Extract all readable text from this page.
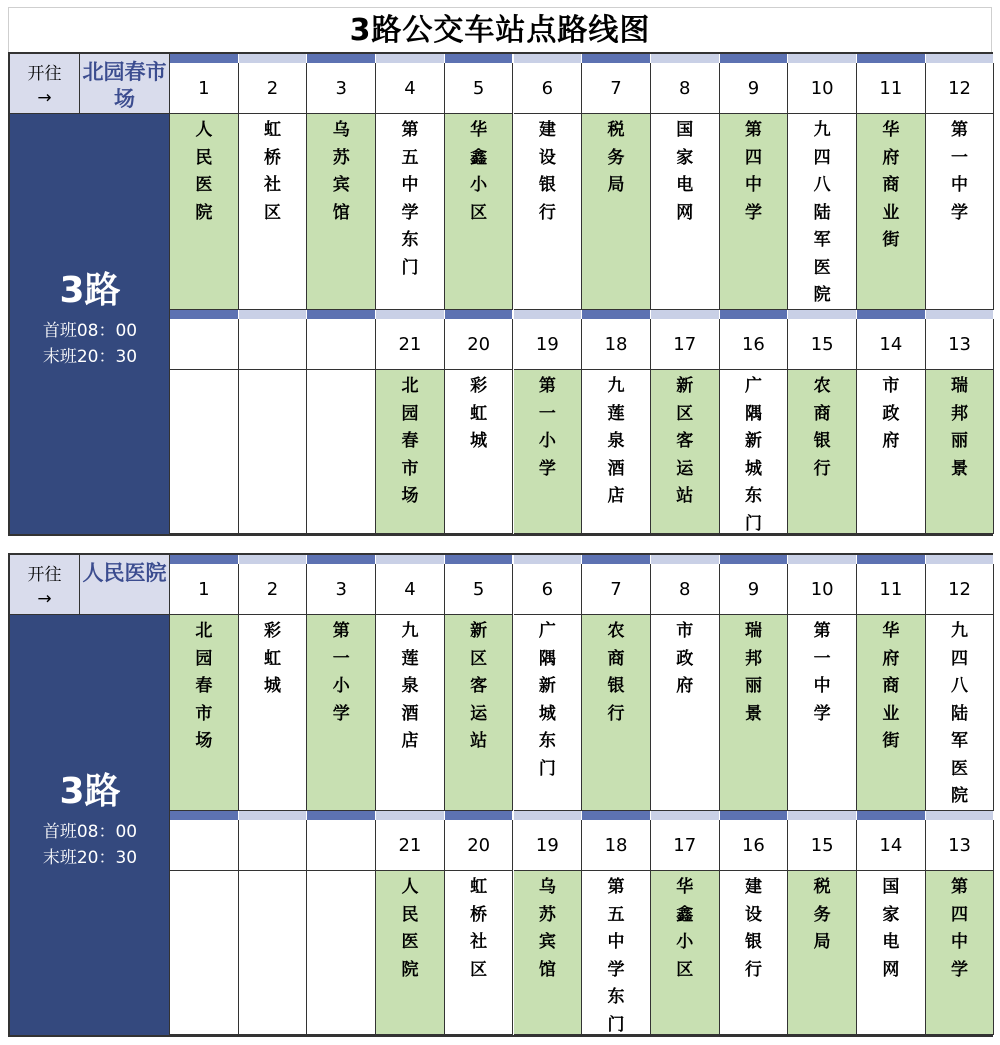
3路公交车站点路线图
开往
→
北园春市场
3路
首班08：00
末班20：30
1
人
民
医
院
2
虹
桥
社
区
3
乌
苏
宾
馆
4
第
五
中
学
东
门
21
北
园
春
市
场
5
华
鑫
小
区
20
彩
虹
城
6
建
设
银
行
19
第
一
小
学
7
税
务
局
18
九
莲
泉
酒
店
8
国
家
电
网
17
新
区
客
运
站
9
第
四
中
学
16
广
隅
新
城
东
门
10
九
四
八
陆
军
医
院
15
农
商
银
行
11
华
府
商
业
街
14
市
政
府
12
第
一
中
学
13
瑞
邦
丽
景
开往
→
人民医院
3路
首班08：00
末班20：30
1
北
园
春
市
场
2
彩
虹
城
3
第
一
小
学
4
九
莲
泉
酒
店
21
人
民
医
院
5
新
区
客
运
站
20
虹
桥
社
区
6
广
隅
新
城
东
门
19
乌
苏
宾
馆
7
农
商
银
行
18
第
五
中
学
东
门
8
市
政
府
17
华
鑫
小
区
9
瑞
邦
丽
景
16
建
设
银
行
10
第
一
中
学
15
税
务
局
11
华
府
商
业
街
14
国
家
电
网
12
九
四
八
陆
军
医
院
13
第
四
中
学
